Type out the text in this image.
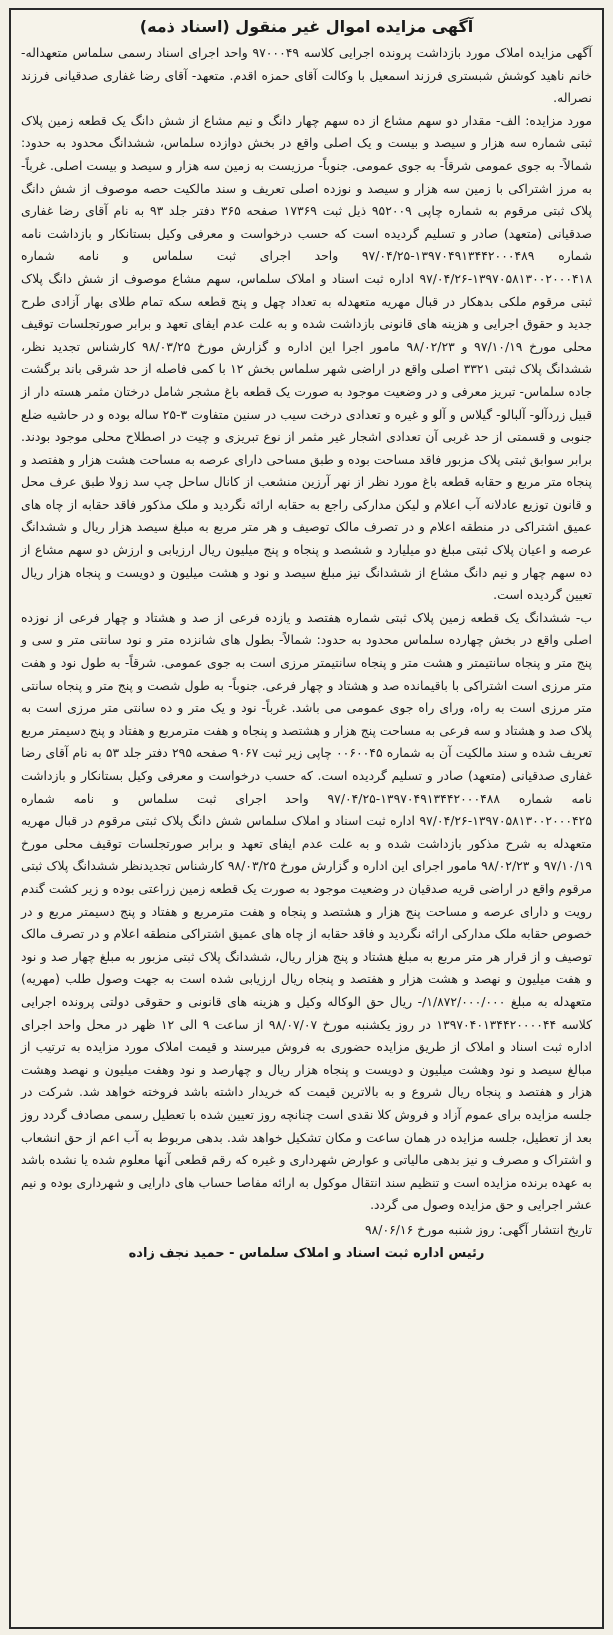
آگهی مزایده اموال غیر منقول (اسناد ذمه)

آگهی مزایده املاک مورد بازداشت پرونده اجرایی کلاسه ۹۷۰۰۰۴۹ واحد اجرای اسناد رسمی سلماس متعهداله- خانم ناهید کوشش شبستری فرزند اسمعیل با وکالت آقای حمزه اقدم. متعهد- آقای رضا غفاری صدقیانی فرزند نصراله.

مورد مزایده: الف- مقدار دو سهم مشاع از ده سهم چهار دانگ و نیم مشاع از شش دانگ یک قطعه زمین پلاک ثبتی شماره سه هزار و سیصد و بیست و یک اصلی واقع در بخش دوازده سلماس، ششدانگ محدود به حدود: شمالاً- به جوی عمومی شرقاً- به جوی عمومی. جنوباً- مرزیست به زمین سه هزار و سیصد و بیست اصلی. غرباً- به مرز اشتراکی با زمین سه هزار و سیصد و نوزده اصلی تعریف و سند مالکیت حصه موصوف از شش دانگ پلاک ثبتی مرقوم به شماره چاپی ۹۵۲۰۰۹ ذیل ثبت ۱۷۳۶۹ صفحه ۳۶۵ دفتر جلد ۹۳ به نام آقای رضا غفاری صدقیانی (متعهد) صادر و تسلیم گردیده است که حسب درخواست و معرفی وکیل بستانکار و بازداشت نامه شماره ۱۳۹۷۰۴۹۱۳۴۴۲۰۰۰۴۸۹-۹۷/۰۴/۲۵ واحد اجرای ثبت سلماس و نامه شماره ۱۳۹۷۰۵۸۱۳۰۰۲۰۰۰۴۱۸-۹۷/۰۴/۲۶ اداره ثبت اسناد و املاک سلماس، سهم مشاع موصوف از شش دانگ پلاک ثبتی مرقوم ملکی بدهکار در قبال مهریه متعهدله به تعداد چهل و پنج قطعه سکه تمام طلای بهار آزادی طرح جدید و حقوق اجرایی و هزینه های قانونی بازداشت شده و به علت عدم ایفای تعهد و برابر صورتجلسات توقیف محلی مورخ ۹۷/۱۰/۱۹ و ۹۸/۰۲/۲۳ مامور اجرا این اداره و گزارش مورخ ۹۸/۰۳/۲۵ کارشناس تجدید نظر، ششدانگ پلاک ثبتی ۳۳۲۱ اصلی واقع در اراضی شهر سلماس بخش ۱۲ با کمی فاصله از حد شرقی باند برگشت جاده سلماس- تبریز معرفی و در وضعیت موجود به صورت یک قطعه باغ مشجر شامل درختان مثمر هسته دار از قبیل زردآلو- آلبالو- گیلاس و آلو و غیره و تعدادی درخت سیب در سنین متفاوت ۳-۲۵ ساله بوده و در حاشیه ضلع جنوبی و قسمتی از حد غربی آن تعدادی اشجار غیر مثمر از نوع تبریزی و چیت در اصطلاح محلی موجود بودند. برابر سوابق ثبتی پلاک مزبور فاقد مساحت بوده و طبق مساحی دارای عرصه به مساحت هشت هزار و هفتصد و پنجاه متر مربع و حقابه قطعه باغ مورد نظر از نهر آرزین منشعب از کانال ساحل چپ سد زولا طبق عرف محل و قانون توزیع عادلانه آب اعلام و لیکن مدارکی راجع به حقابه ارائه نگردید و ملک مذکور فاقد حقابه از چاه های عمیق اشتراکی در منطقه اعلام و در تصرف مالک توصیف و هر متر مربع به مبلغ سیصد هزار ریال و ششدانگ عرصه و اعیان پلاک ثبتی مبلغ دو میلیارد و ششصد و پنجاه و پنج میلیون ریال ارزیابی و ارزش دو سهم مشاع از ده سهم چهار و نیم دانگ مشاع از ششدانگ نیز مبلغ سیصد و نود و هشت میلیون و دویست و پنجاه هزار ریال تعیین گردیده است.

ب- ششدانگ یک قطعه زمین پلاک ثبتی شماره هفتصد و یازده فرعی از صد و هشتاد و چهار فرعی از نوزده اصلی واقع در بخش چهارده سلماس محدود به حدود: شمالاً- بطول های شانزده متر و نود سانتی متر و سی و پنج متر و پنجاه سانتیمتر و هشت متر و پنجاه سانتیمتر مرزی است به جوی عمومی. شرقاً- به طول نود و هفت متر مرزی است اشتراکی با باقیمانده صد و هشتاد و چهار فرعی. جنوباً- به طول شصت و پنج متر و پنجاه سانتی متر مرزی است به راه، ورای راه جوی عمومی می باشد. غرباً- نود و یک متر و ده سانتی متر مرزی است به پلاک صد و هشتاد و سه فرعی به مساحت پنج هزار و هشتصد و پنجاه و هفت مترمربع و هفتاد و پنج دسیمتر مربع تعریف شده و سند مالکیت آن به شماره ۰۰۶۰۰۴۵ چاپی زیر ثبت ۹۰۶۷ صفحه ۲۹۵ دفتر جلد ۵۳ به نام آقای رضا غفاری صدقیانی (متعهد) صادر و تسلیم گردیده است. که حسب درخواست و معرفی وکیل بستانکار و بازداشت نامه شماره ۱۳۹۷۰۴۹۱۳۴۴۲۰۰۰۴۸۸-۹۷/۰۴/۲۵ واحد اجرای ثبت سلماس و نامه شماره ۱۳۹۷۰۵۸۱۳۰۰۲۰۰۰۴۲۵-۹۷/۰۴/۲۶ اداره ثبت اسناد و املاک سلماس شش دانگ پلاک ثبتی مرقوم در قبال مهریه متعهدله به شرح مذکور بازداشت شده و به علت عدم ایفای تعهد و برابر صورتجلسات توقیف محلی مورخ ۹۷/۱۰/۱۹ و ۹۸/۰۲/۲۳ مامور اجرای این اداره و گزارش مورخ ۹۸/۰۳/۲۵ کارشناس تجدیدنظر ششدانگ پلاک ثبتی مرقوم واقع در اراضی قریه صدقیان در وضعیت موجود به صورت یک قطعه زمین زراعتی بوده و زیر کشت گندم رویت و دارای عرصه و مساحت پنج هزار و هشتصد و پنجاه و هفت مترمربع و هفتاد و پنج دسیمتر مربع و در خصوص حقابه ملک مدارکی ارائه نگردید و فاقد حقابه از چاه های عمیق اشتراکی منطقه اعلام و در تصرف مالک توصیف و از قرار هر متر مربع به مبلغ هشتاد و پنج هزار ریال، ششدانگ پلاک ثبتی مزبور به مبلغ چهار صد و نود و هفت میلیون و نهصد و هشت هزار و هفتصد و پنجاه ریال ارزیابی شده است به جهت وصول طلب (مهریه) متعهدله به مبلغ ۱/۸۷۲/۰۰۰/۰۰۰/- ریال حق الوکاله وکیل و هزینه های قانونی و حقوقی دولتی پرونده اجرایی کلاسه ۱۳۹۷۰۴۰۱۳۴۴۲۰۰۰۰۴۴ در روز یکشنبه مورخ ۹۸/۰۷/۰۷ از ساعت ۹ الی ۱۲ ظهر در محل واحد اجرای اداره ثبت اسناد و املاک از طریق مزایده حضوری به فروش میرسند و قیمت املاک مورد مزایده به ترتیب از مبالغ سیصد و نود وهشت میلیون و دویست و پنجاه هزار ریال و چهارصد و نود وهفت میلیون و نهصد وهشت هزار و هفتصد و پنجاه ریال شروع و به بالاترین قیمت که خریدار داشته باشد فروخته خواهد شد. شرکت در جلسه مزایده برای عموم آزاد و فروش کلا نقدی است چنانچه روز تعیین شده با تعطیل رسمی مصادف گردد روز بعد از تعطیل، جلسه مزایده در همان ساعت و مکان تشکیل خواهد شد. بدهی مربوط به آب اعم از حق انشعاب و اشتراک و مصرف و نیز بدهی مالیاتی و عوارض شهرداری و غیره که رقم قطعی آنها معلوم شده یا نشده باشد به عهده برنده مزایده است و تنظیم سند انتقال موکول به ارائه مفاصا حساب های دارایی و شهرداری بوده و نیم عشر اجرایی و حق مزایده وصول می گردد.

تاریخ انتشار آگهی: روز شنبه مورخ ۹۸/۰۶/۱۶
رئیس اداره ثبت اسناد و املاک سلماس - حمید نجف زاده
